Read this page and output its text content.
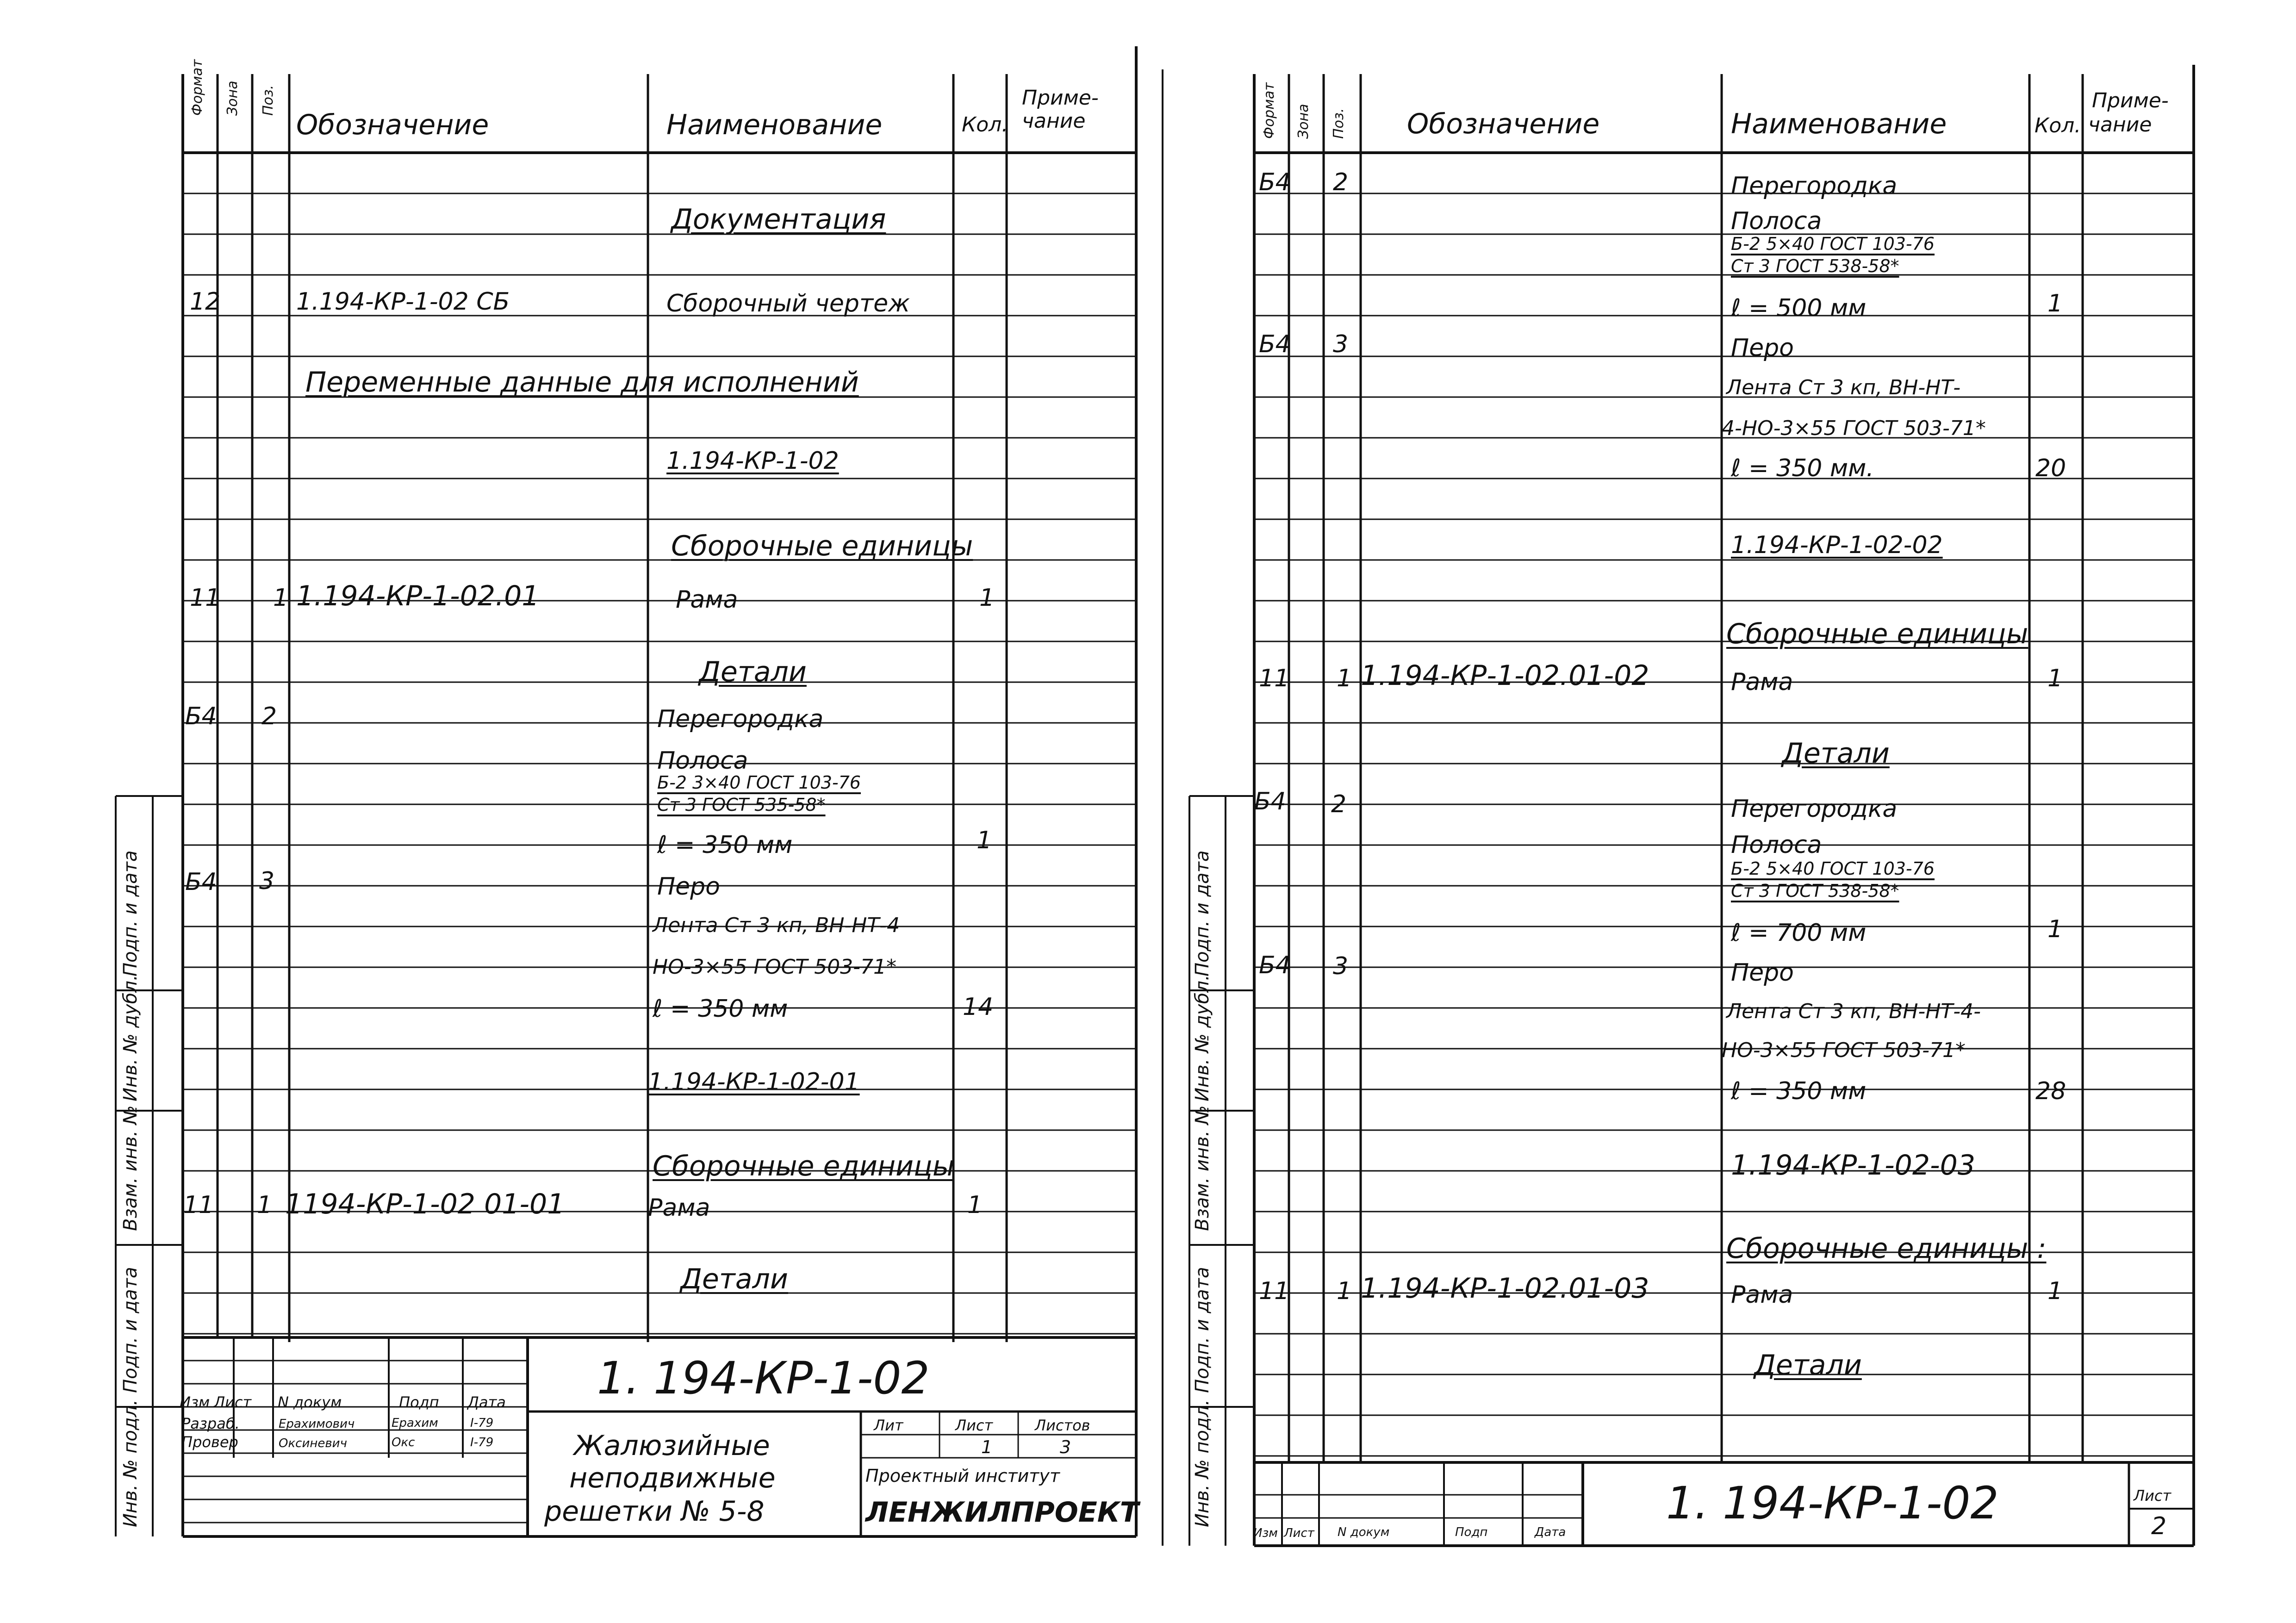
Формат Зона Поз.
Обозначение	Наименование	Кол.
Приме-
чание
Документация
12	1.194-КР-1-02 СБ	Сборочный чертеж
Переменные данные для исполнений
1.194-КР-1-02
Сборочные единицы
11 1 1.194-КР-1-02.01	Рама	1
Детали
Б4 2	Перегородка
Полоса
Б-2 3×40 ГОСТ 103-76
Ст 3 ГОСТ 535-58*
ℓ = 350 мм	1
Б4 3	Перо
Лента Ст 3 кп, ВН-НТ-4
НО-3×55 ГОСТ 503-71*
ℓ = 350 мм	14
1.194-КР-1-02-01
Сборочные единицы
11 1 1194-КР-1-02 01-01	Рама	1
Детали
Подп. и дата
Инв. № дубл.
Взам. инв. №
Подп. и дата
Инв. № подл.
1. 194-КР-1-02
Изм Лист N докум	Подп Дата
Разраб.	Ерахимович	Ерахим	I-79
Провер	Оксиневич	Окс	I-79	Жалюзийные
неподвижные
решетки № 5-8
Лит	Лист	Листов
1	3
Проектный институт
ЛЕНЖИЛПРОЕКТ
Формат Зона Поз. Обозначение	Наименование	Кол.
Приме-
чание
Б4 2	Перегородка
Полоса
Б-2 5×40 ГОСТ 103-76
Ст 3 ГОСТ 538-58*
ℓ = 500 мм	1
Б4 3	Перо
Лента Ст 3 кп, ВН-НТ-
4-НО-3×55 ГОСТ 503-71*
ℓ = 350 мм.	20
1.194-КР-1-02-02
Сборочные единицы
11 1 1.194-КР-1-02.01-02	Рама	1
Детали
Б4 2	Перегородка
Полоса
Б-2 5×40 ГОСТ 103-76
Ст 3 ГОСТ 538-58*
ℓ = 700 мм	1
Б4 3	Перо
Лента Ст 3 кп, ВН-НТ-4-
НО-3×55 ГОСТ 503-71*
ℓ = 350 мм	28
1.194-КР-1-02-03
Сборочные единицы :
11 1 1.194-КР-1-02.01-03	Рама	1
Детали
Подп. и дата
Инв. № дубл.
Взам. инв. №
Подп. и дата
Инв. № подл.	1. 194-КР-1-02
Изм Лист N докум	Подп	Дата
Лист
2
